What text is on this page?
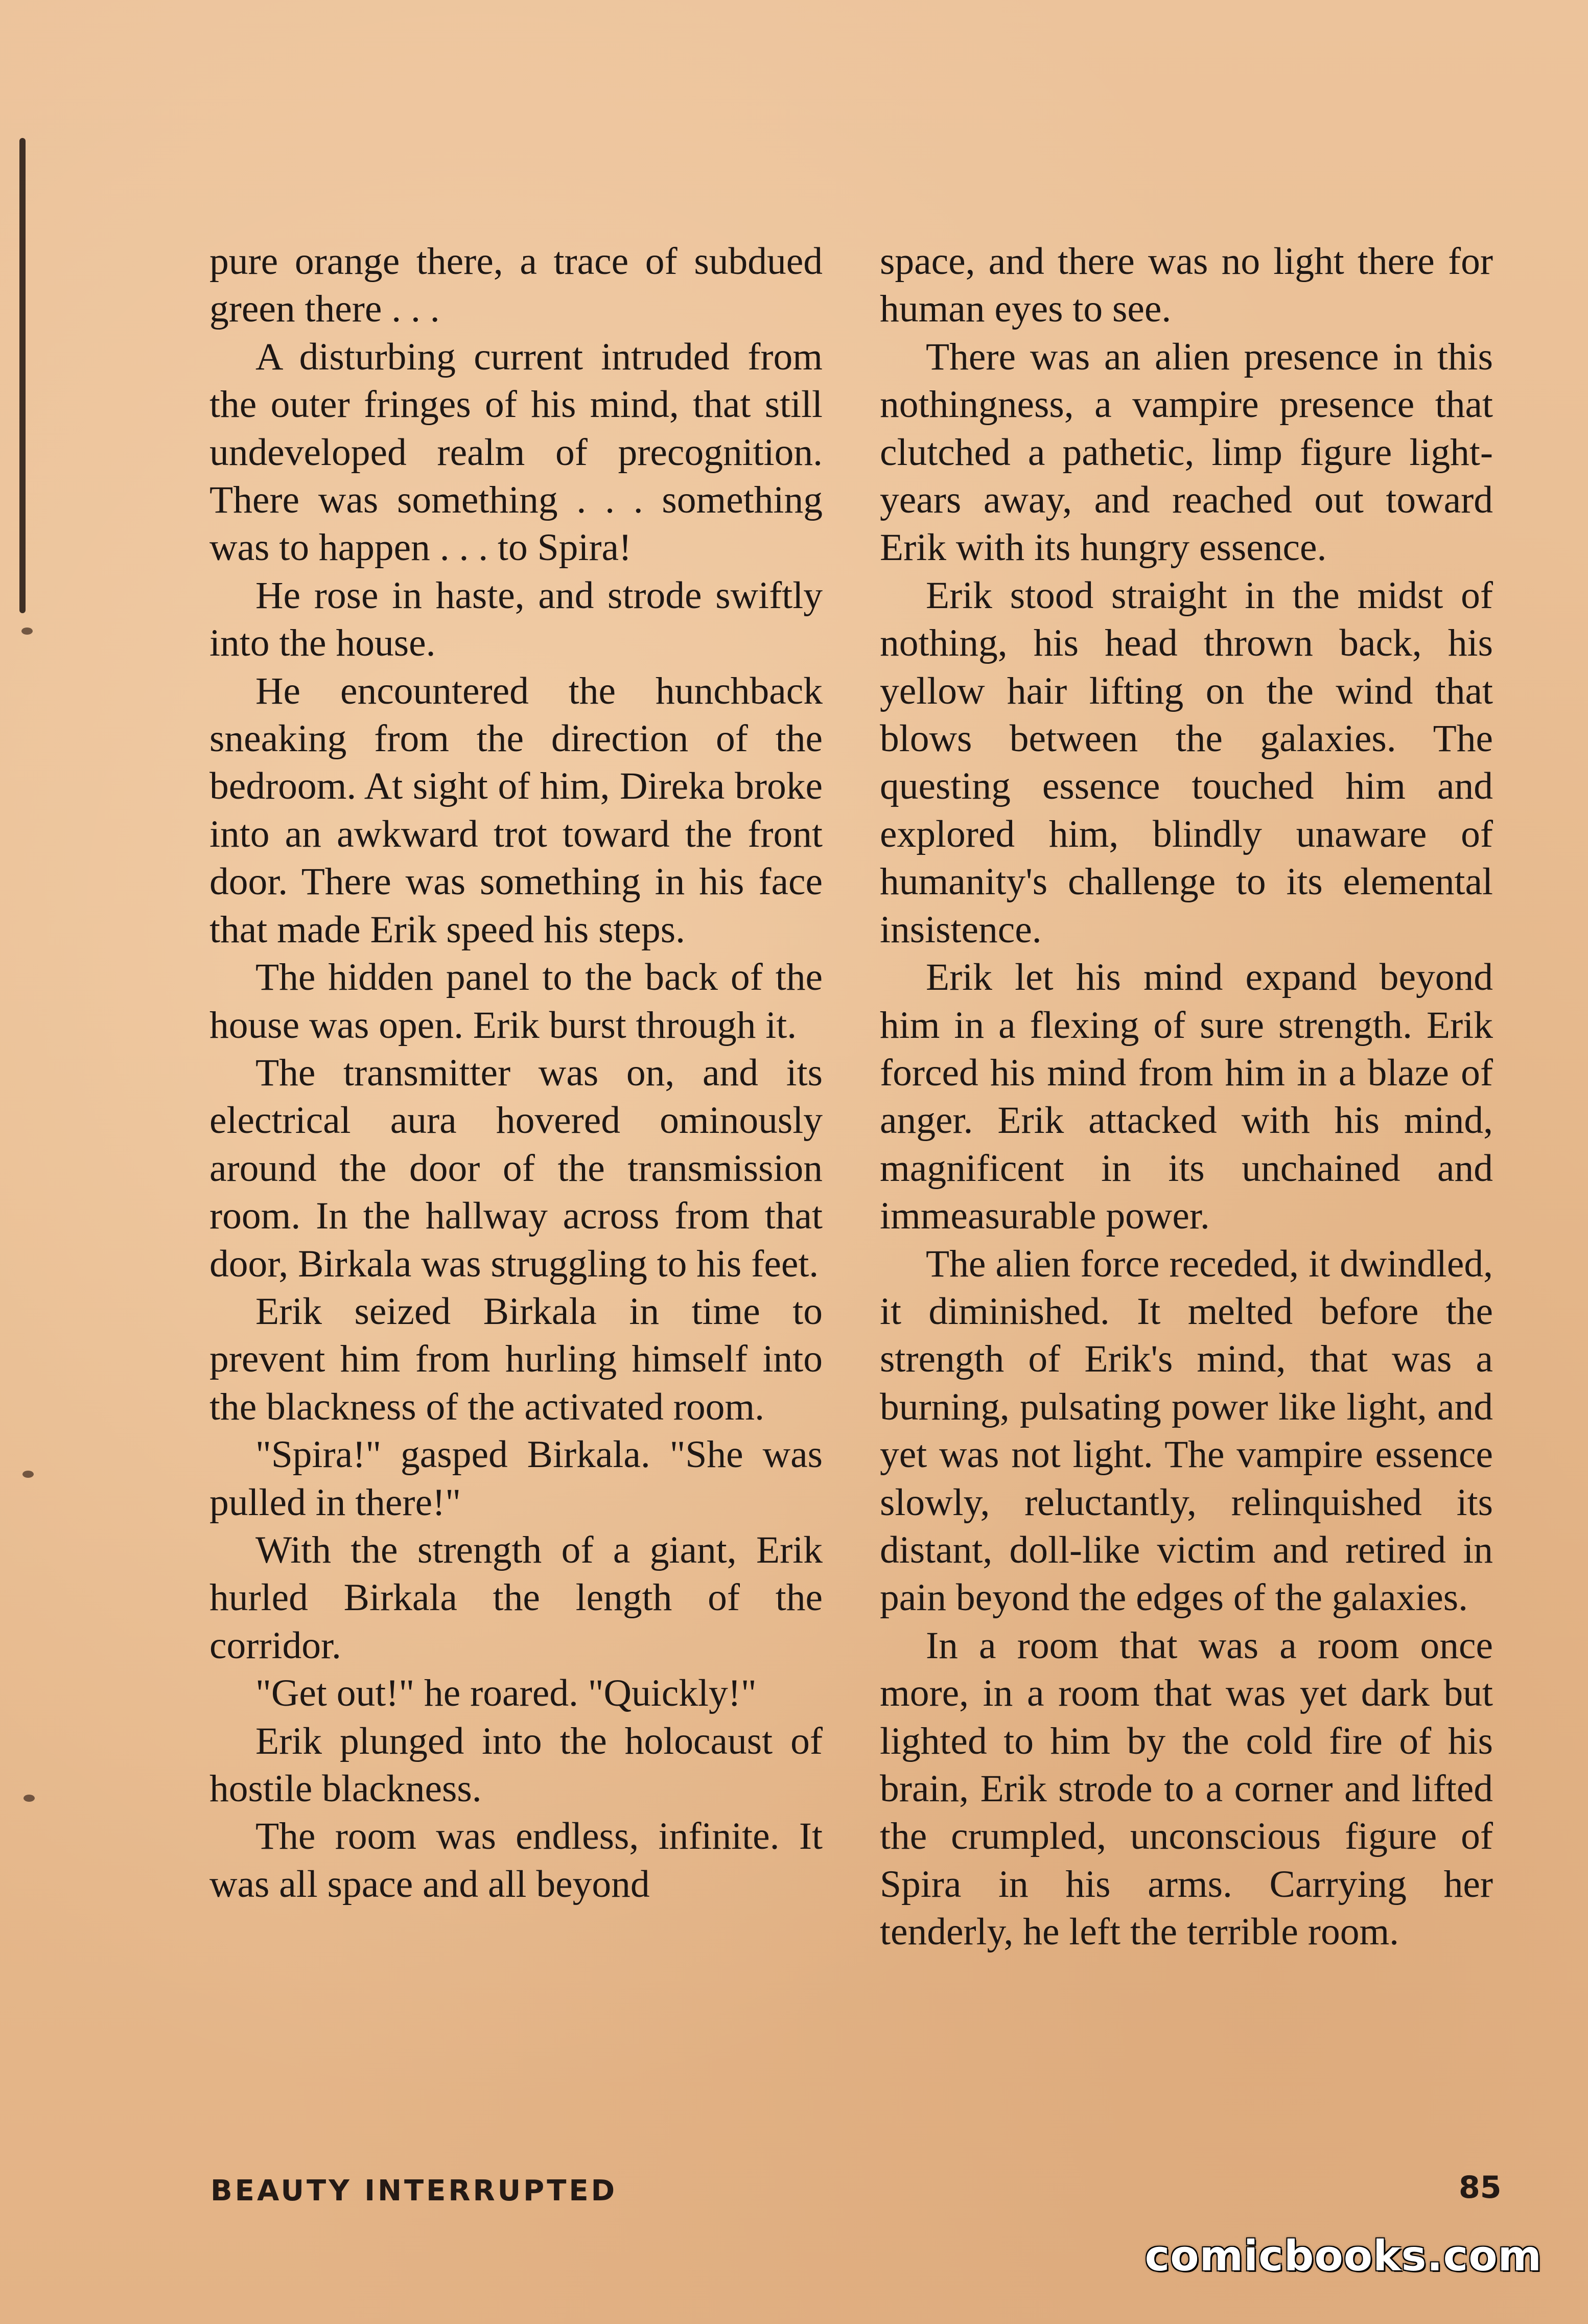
pure orange there, a trace of subdued green there . . .

A disturbing current intruded from the outer fringes of his mind, that still undeveloped realm of precognition. There was something . . . something was to happen . . . to Spira!

He rose in haste, and strode swiftly into the house.

He encountered the hunchback sneaking from the direction of the bedroom. At sight of him, Direka broke into an awkward trot toward the front door. There was something in his face that made Erik speed his steps.

The hidden panel to the back of the house was open. Erik burst through it.

The transmitter was on, and its electrical aura hovered ominously around the door of the transmission room. In the hallway across from that door, Birkala was struggling to his feet.

Erik seized Birkala in time to prevent him from hurling himself into the blackness of the activated room.

"Spira!" gasped Birkala. "She was pulled in there!"

With the strength of a giant, Erik hurled Birkala the length of the corridor.

"Get out!" he roared. "Quickly!"

Erik plunged into the holocaust of hostile blackness.

The room was endless, infinite. It was all space and all beyond

space, and there was no light there for human eyes to see.

There was an alien presence in this nothingness, a vampire presence that clutched a pathetic, limp figure light-years away, and reached out toward Erik with its hungry essence.

Erik stood straight in the midst of nothing, his head thrown back, his yellow hair lifting on the wind that blows between the galaxies. The questing essence touched him and explored him, blindly unaware of humanity's challenge to its elemental insistence.

Erik let his mind expand beyond him in a flexing of sure strength. Erik forced his mind from him in a blaze of anger. Erik attacked with his mind, magnificent in its unchained and immeasurable power.

The alien force receded, it dwindled, it diminished. It melted before the strength of Erik's mind, that was a burning, pulsating power like light, and yet was not light. The vampire essence slowly, reluctantly, relinquished its distant, doll-like victim and retired in pain beyond the edges of the galaxies.

In a room that was a room once more, in a room that was yet dark but lighted to him by the cold fire of his brain, Erik strode to a corner and lifted the crumpled, unconscious figure of Spira in his arms. Carrying her tenderly, he left the terrible room.

BEAUTY INTERRUPTED	85
comicbooks.com
